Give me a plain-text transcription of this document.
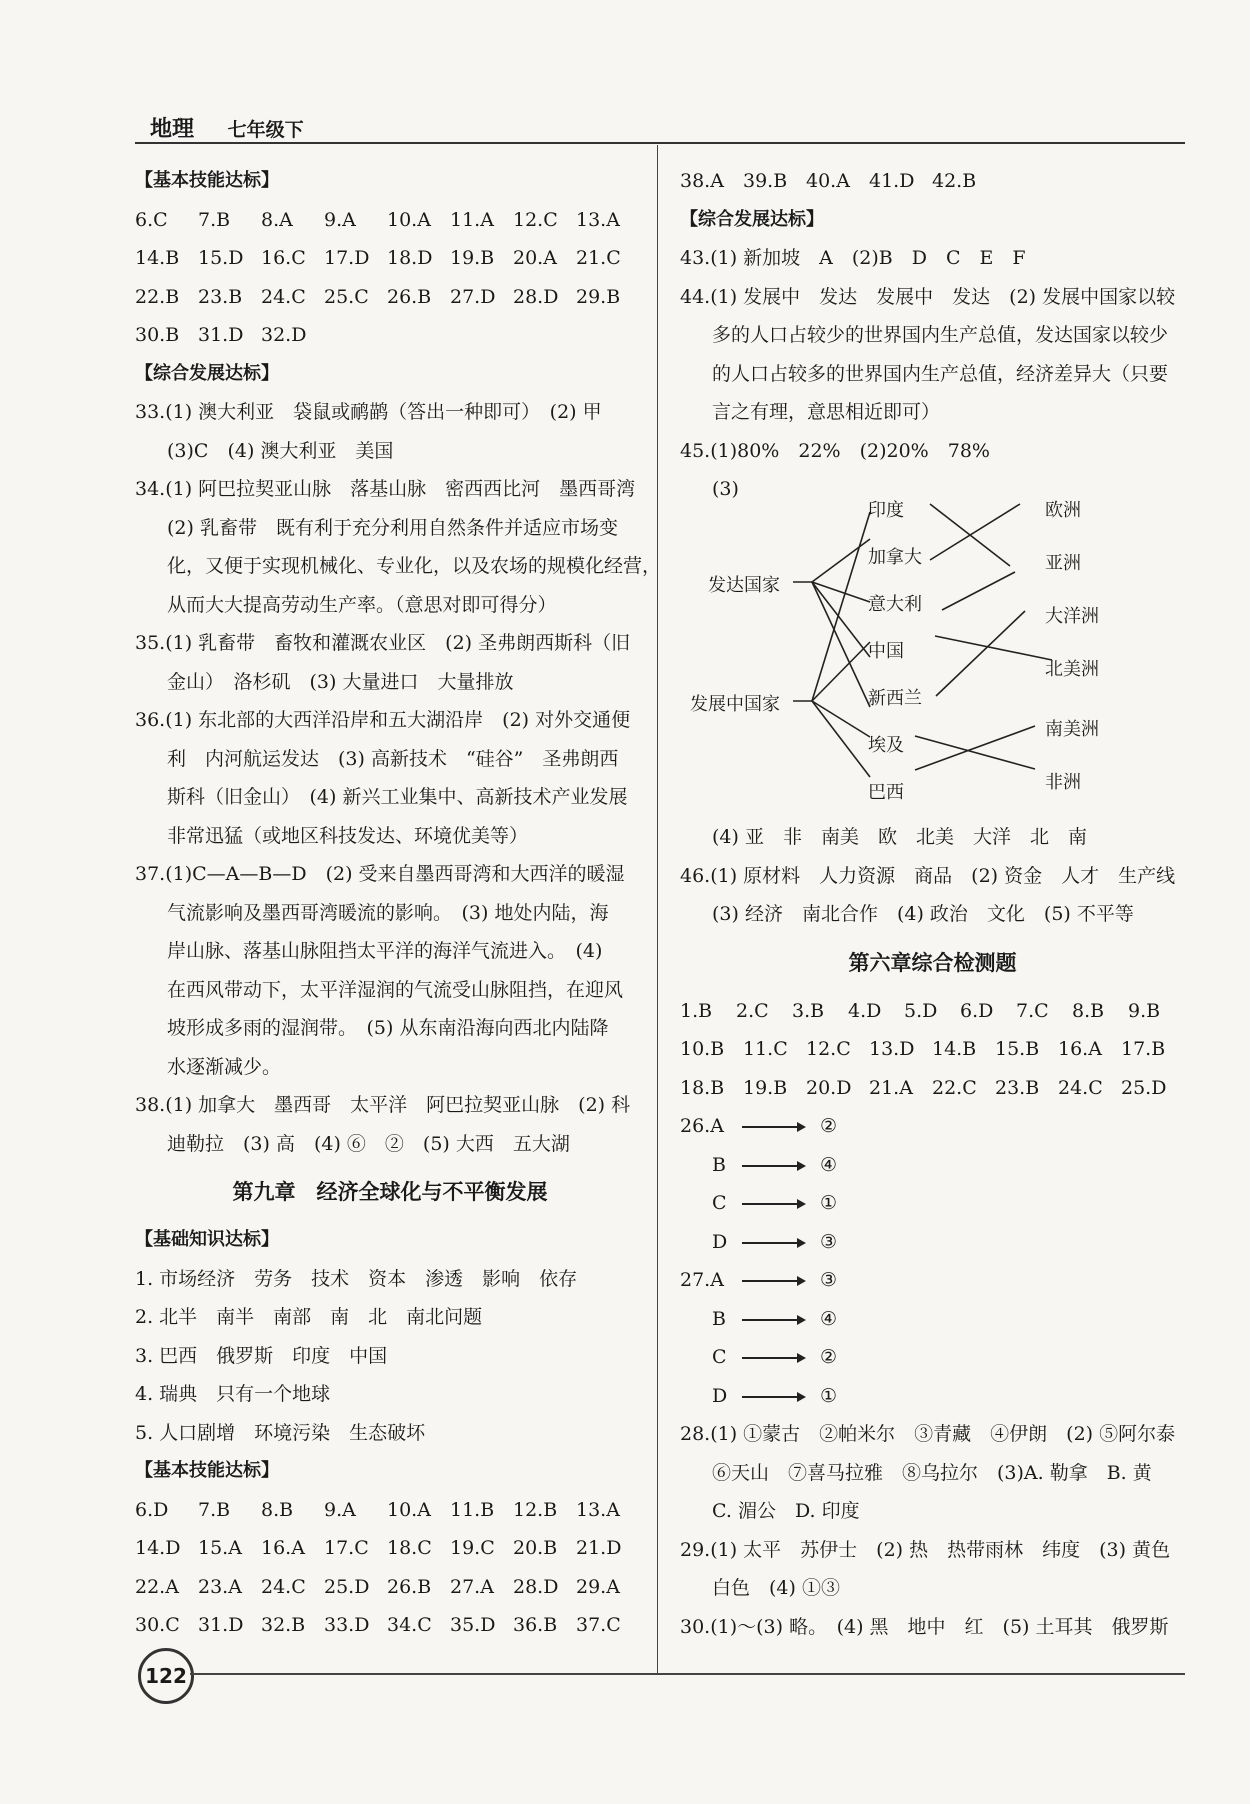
地理 七年级下
【基本技能达标】
6.C 7.B 8.A 9.A 10.A 11.A 12.C 13.A
14.B 15.D 16.C 17.D 18.D 19.B 20.A 21.C
22.B 23.B 24.C 25.C 26.B 27.D 28.D 29.B
30.B 31.D 32.D
【综合发展达标】
33.(1) 澳大利亚　袋鼠或鸸鹋（答出一种即可）　(2) 甲
(3)C　(4) 澳大利亚　美国
34.(1) 阿巴拉契亚山脉　落基山脉　密西西比河　墨西哥湾
(2) 乳畜带　既有利于充分利用自然条件并适应市场变
化，又便于实现机械化、专业化，以及农场的规模化经营，
从而大大提高劳动生产率。（意思对即可得分）
35.(1) 乳畜带　畜牧和灌溉农业区　(2) 圣弗朗西斯科（旧
金山）　洛杉矶　(3) 大量进口　大量排放
36.(1) 东北部的大西洋沿岸和五大湖沿岸　(2) 对外交通便
利　内河航运发达　(3) 高新技术　“硅谷”　圣弗朗西
斯科（旧金山）　(4) 新兴工业集中、高新技术产业发展
非常迅猛（或地区科技发达、环境优美等）
37.(1)C—A—B—D　(2) 受来自墨西哥湾和大西洋的暖湿
气流影响及墨西哥湾暖流的影响。　(3) 地处内陆，海
岸山脉、落基山脉阻挡太平洋的海洋气流进入。　(4)
在西风带动下，太平洋湿润的气流受山脉阻挡，在迎风
坡形成多雨的湿润带。　(5) 从东南沿海向西北内陆降
水逐渐减少。
38.(1) 加拿大　墨西哥　太平洋　阿巴拉契亚山脉　(2) 科
迪勒拉　(3) 高　(4) ⑥　②　(5) 大西　五大湖
第九章　经济全球化与不平衡发展
【基础知识达标】
1. 市场经济　劳务　技术　资本　渗透　影响　依存
2. 北半　南半　南部　南　北　南北问题
3. 巴西　俄罗斯　印度　中国
4. 瑞典　只有一个地球
5. 人口剧增　环境污染　生态破坏
【基本技能达标】
6.D 7.B 8.B 9.A 10.A 11.B 12.B 13.A
14.D 15.A 16.A 17.C 18.C 19.C 20.B 21.D
22.A 23.A 24.C 25.D 26.B 27.A 28.D 29.A
30.C 31.D 32.B 33.D 34.C 35.D 36.B 37.C
38.A 39.B 40.A 41.D 42.B
【综合发展达标】
43.(1) 新加坡　A　(2)B　D　C　E　F
44.(1) 发展中　发达　发展中　发达　(2) 发展中国家以较
多的人口占较少的世界国内生产总值，发达国家以较少
的人口占较多的世界国内生产总值，经济差异大（只要
言之有理，意思相近即可）
45.(1)80%　22%　(2)20%　78%
(3)
发达国家
发展中国家
印度
加拿大
意大利
中国
新西兰
埃及
巴西
欧洲
亚洲
大洋洲
北美洲
南美洲
非洲
(4) 亚　非　南美　欧　北美　大洋　北　南
46.(1) 原材料　人力资源　商品　(2) 资金　人才　生产线
(3) 经济　南北合作　(4) 政治　文化　(5) 不平等
第六章综合检测题
1.B 2.C 3.B 4.D 5.D 6.D 7.C 8.B 9.B
10.B 11.C 12.C 13.D 14.B 15.B 16.A 17.B
18.B 19.B 20.D 21.A 22.C 23.B 24.C 25.D
26.A	②
B	④
C	①
D	③
27.A	③
B	④
C	②
D	①
28.(1) ①蒙古　②帕米尔　③青藏　④伊朗　(2) ⑤阿尔泰
⑥天山　⑦喜马拉雅　⑧乌拉尔　(3)A. 勒拿　B. 黄
C. 湄公　D. 印度
29.(1) 太平　苏伊士　(2) 热　热带雨林　纬度　(3) 黄色
白色　(4) ①③
30.(1)～(3) 略。　(4) 黑　地中　红　(5) 土耳其　俄罗斯
122
